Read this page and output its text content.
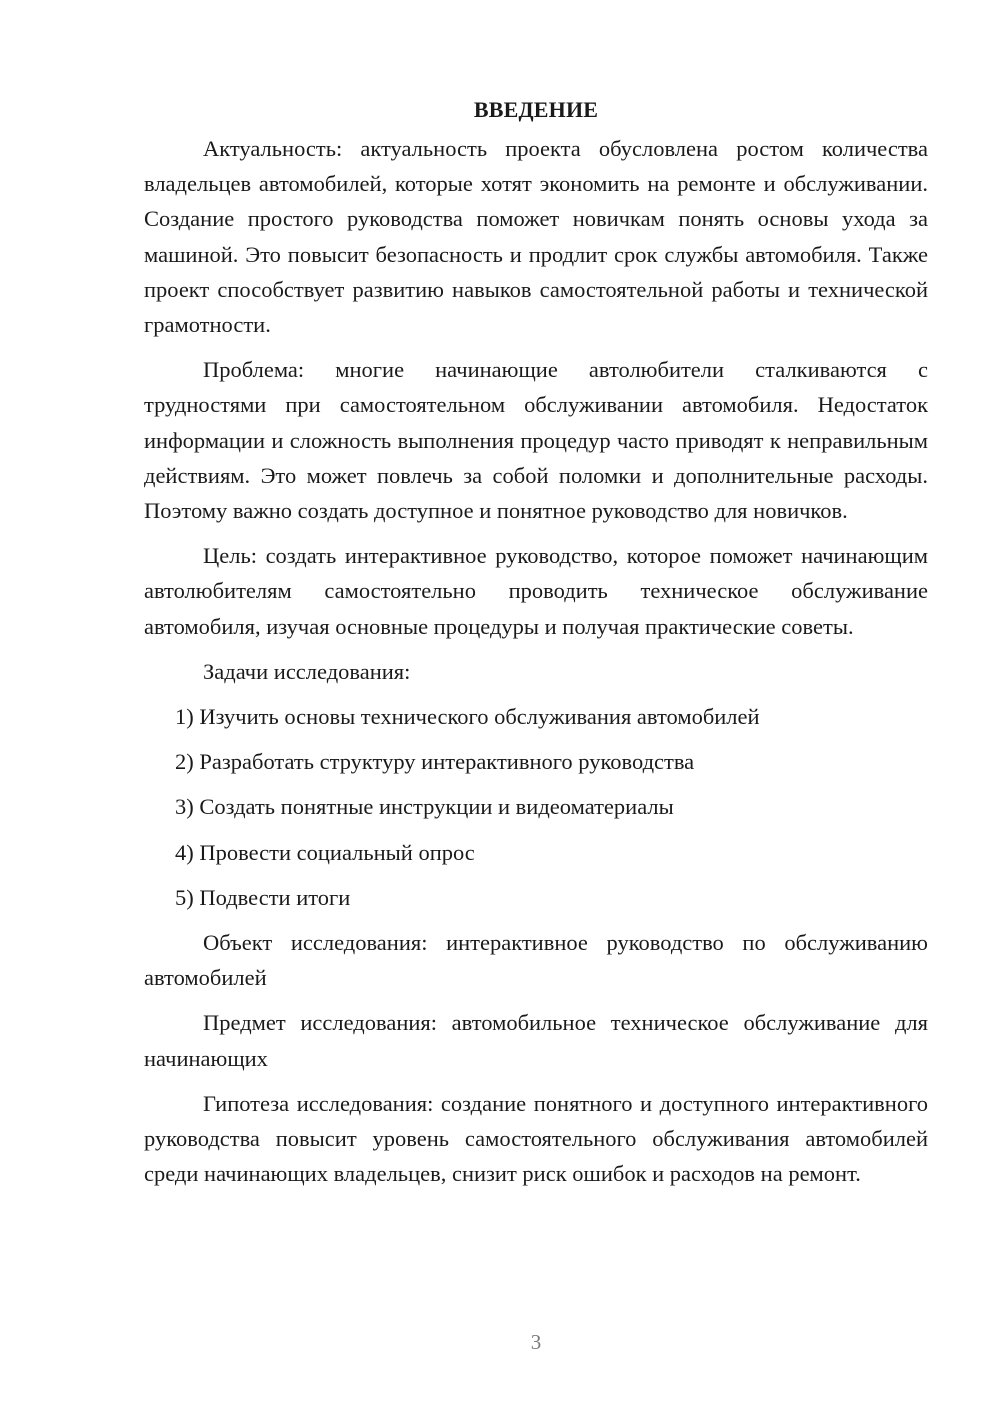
ВВЕДЕНИЕ

Актуальность: актуальность проекта обусловлена ростом количества владельцев автомобилей, которые хотят экономить на ремонте и обслуживании. Создание простого руководства поможет новичкам понять основы ухода за машиной. Это повысит безопасность и продлит срок службы автомобиля. Также проект способствует развитию навыков самостоятельной работы и технической грамотности.

Проблема: многие начинающие автолюбители сталкиваются с трудностями при самостоятельном обслуживании автомобиля. Недостаток информации и сложность выполнения процедур часто приводят к неправильным действиям. Это может повлечь за собой поломки и дополнительные расходы. Поэтому важно создать доступное и понятное руководство для новичков.

Цель: создать интерактивное руководство, которое поможет начинающим автолюбителям самостоятельно проводить техническое обслуживание автомобиля, изучая основные процедуры и получая практические советы.

Задачи исследования:

1) Изучить основы технического обслуживания автомобилей

2) Разработать структуру интерактивного руководства

3) Создать понятные инструкции и видеоматериалы

4) Провести социальный опрос

5) Подвести итоги

Объект исследования: интерактивное руководство по обслуживанию автомобилей

Предмет исследования: автомобильное техническое обслуживание для начинающих

Гипотеза исследования: создание понятного и доступного интерактивного руководства повысит уровень самостоятельного обслуживания автомобилей среди начинающих владельцев, снизит риск ошибок и расходов на ремонт.

3
